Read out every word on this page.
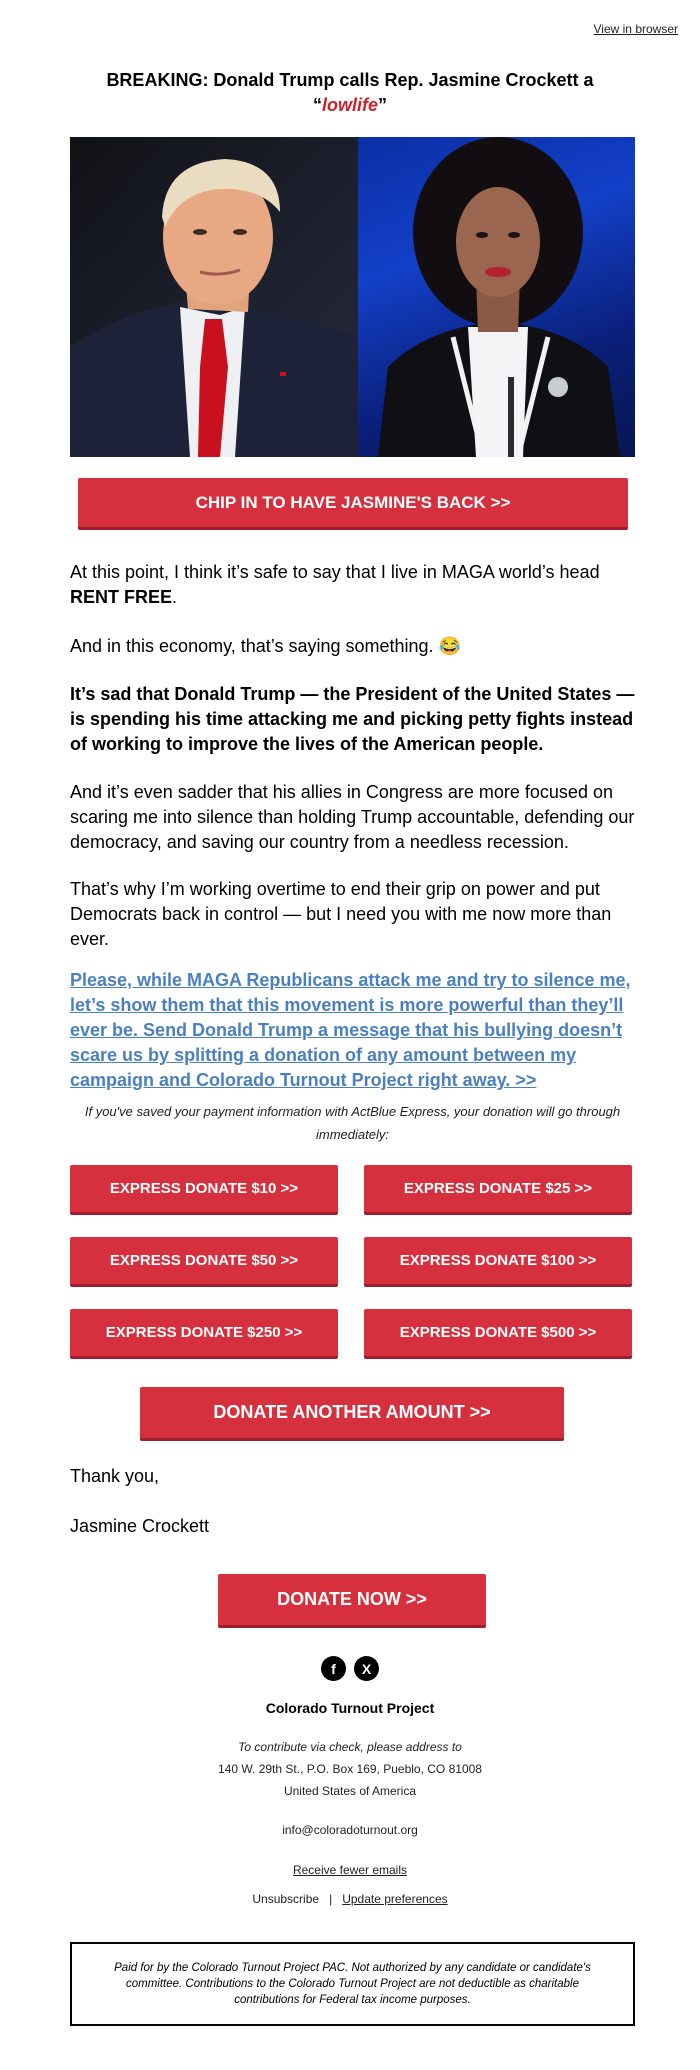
View in browser
BREAKING: Donald Trump calls Rep. Jasmine Crockett a
“lowlife”
CHIP IN TO HAVE JASMINE'S BACK >>
At this point, I think it’s safe to say that I live in MAGA world’s head RENT FREE.
And in this economy, that’s saying something. 😂
It’s sad that Donald Trump — the President of the United States — is spending his time attacking me and picking petty fights instead of working to improve the lives of the American people.
And it’s even sadder that his allies in Congress are more focused on scaring me into silence than holding Trump accountable, defending our democracy, and saving our country from a needless recession.
That’s why I’m working overtime to end their grip on power and put Democrats back in control — but I need you with me now more than ever.
Please, while MAGA Republicans attack me and try to silence me, let’s show them that this movement is more powerful than they’ll ever be. Send Donald Trump a message that his bullying doesn’t scare us by splitting a donation of any amount between my campaign and Colorado Turnout Project right away. >>
If you've saved your payment information with ActBlue Express, your donation will go through immediately:
EXPRESS DONATE $10 >>	EXPRESS DONATE $25 >>
EXPRESS DONATE $50 >>	EXPRESS DONATE $100 >>
EXPRESS DONATE $250 >>	EXPRESS DONATE $500 >>
DONATE ANOTHER AMOUNT >>
Thank you,
Jasmine Crockett
DONATE NOW >>
f	X
Colorado Turnout Project
To contribute via check, please address to
140 W. 29th St., P.O. Box 169, Pueblo, CO 81008
United States of America
info@coloradoturnout.org
Receive fewer emails
Unsubscribe | Update preferences
Paid for by the Colorado Turnout Project PAC. Not authorized by any candidate or candidate's committee. Contributions to the Colorado Turnout Project are not deductible as charitable contributions for Federal tax income purposes.
